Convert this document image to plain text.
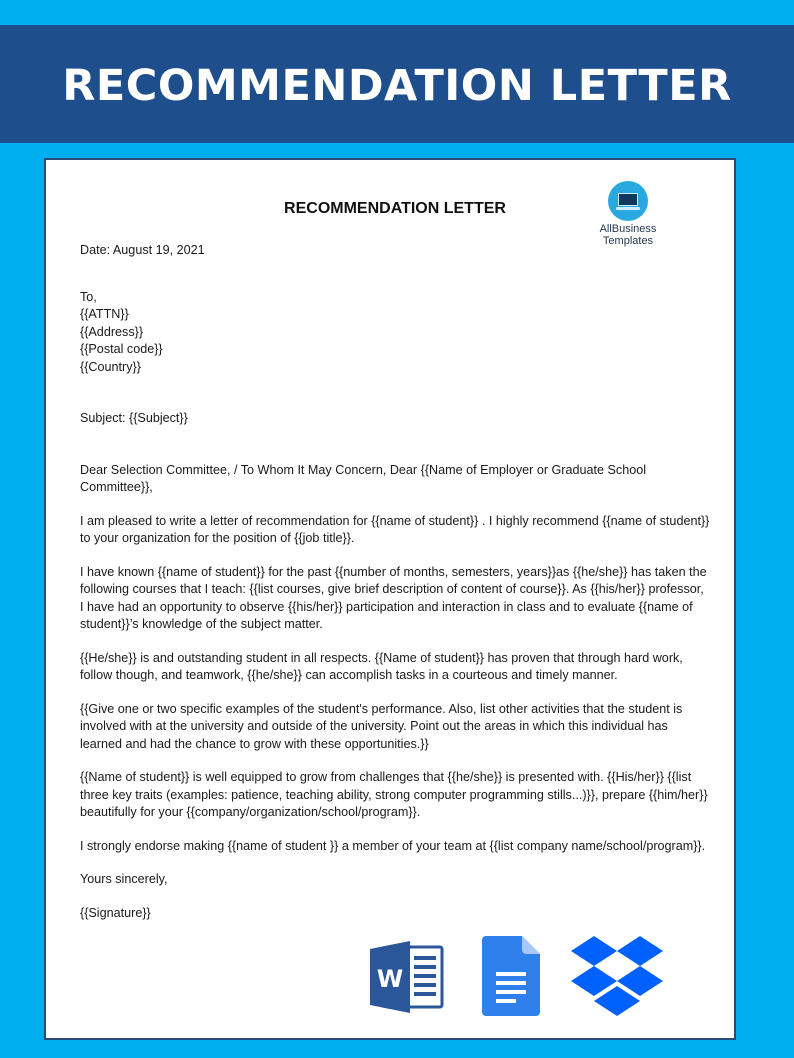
RECOMMENDATION LETTER
RECOMMENDATION LETTER
AllBusiness
Templates

Date: August 19, 2021

To,

{{ATTN}}

{{Address}}

{{Postal code}}

{{Country}}

Subject: {{Subject}}

Dear Selection Committee, / To Whom It May Concern, Dear {{Name of Employer or Graduate School Committee}},

I am pleased to write a letter of recommendation for {{name of student}} . I highly recommend {{name of student}} to your organization for the position of {{job title}}.

I have known {{name of student}} for the past {{number of months, semesters, years}}as {{he/she}} has taken the following courses that I teach: {{list courses, give brief description of content of course}}. As {{his/her}} professor, I have had an opportunity to observe {{his/her}} participation and interaction in class and to evaluate {{name of student}}’s knowledge of the subject matter.

{{He/she}} is and outstanding student in all respects. {{Name of student}} has proven that through hard work, follow though, and teamwork, {{he/she}} can accomplish tasks in a courteous and timely manner.

{{Give one or two specific examples of the student's performance. Also, list other activities that the student is involved with at the university and outside of the university. Point out the areas in which this individual has learned and had the chance to grow with these opportunities.}}

{{Name of student}} is well equipped to grow from challenges that {{he/she}} is presented with. {{His/her}} {{list three key traits (examples: patience, teaching ability, strong computer programming stills...)}}, prepare {{him/her}} beautifully for your {{company/organization/school/program}}.

I strongly endorse making {{name of student }} a member of your team at {{list company name/school/program}}.

Yours sincerely,

{{Signature}}

W
